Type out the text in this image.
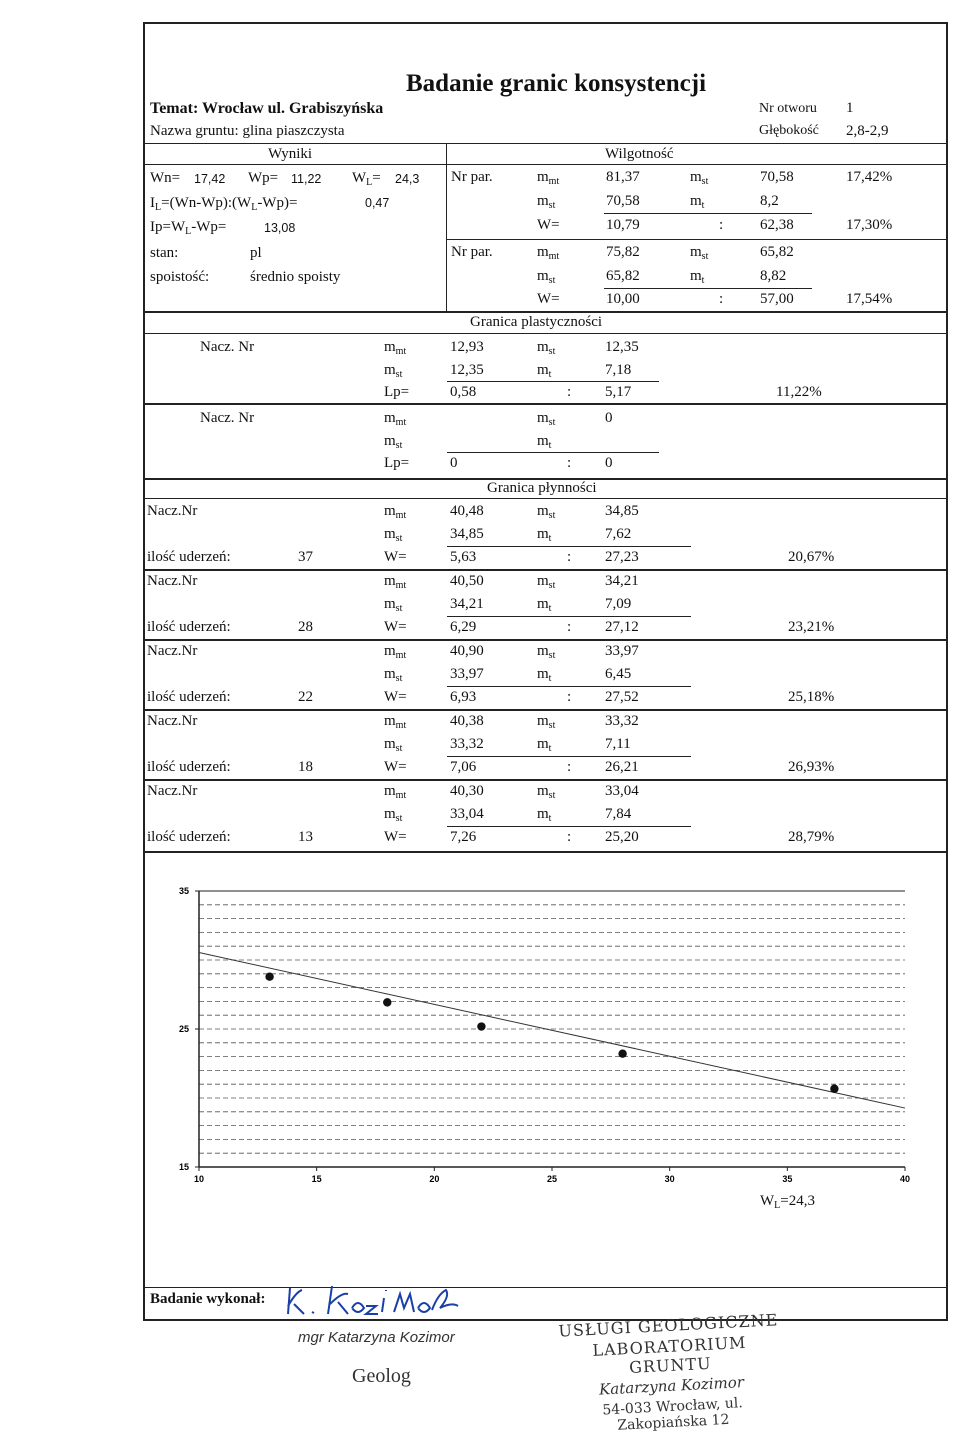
Badanie granic konsystencji
Temat: Wrocław ul. Grabiszyńska
Nazwa gruntu: glina piaszczysta
Nr otworu 1
Głębokość 2,8-2,9
Wyniki
Wn= 17,42 Wp= 11,22 $W_L= 24,3$
$I_L=(Wn-Wp):(W_L-Wp)=$	0,47
$Ip=W_L-Wp=$	13,08
stan:	pl
spoistość:	średnio spoisty
Wilgotność
Nr par.	$m_{mt}$	81,37	$m_{st}$	70,58	17,42%
$m_{st}$	70,58	$m_t$	8,2
W=	10,79	: 62,38	17,30%
Nr par.	$m_{mt}$	75,82	$m_{st}$	65,82
$m_{st}$	65,82	$m_t$	8,82
W=	10,00	: 57,00	17,54%
Granica plastyczności
Nacz. Nr	$m_{mt}$	12,93	$m_{st}$	12,35
$m_{st}$	12,35	$m_t$	7,18
Lp=	0,58	: 5,17	11,22%
Nacz. Nr	$m_{mt}$	$m_{st}$	0
$m_{st}$	$m_t$
Lp=	0	: 0
Granica płynności
Nacz.Nr	$m_{mt}$	40,48	$m_{st}$	34,85
$m_{st}$	34,85	$m_t$	7,62
ilość uderzeń:	37	W=	5,63	: 27,23	20,67%
Nacz.Nr	$m_{mt}$	40,50	$m_{st}$	34,21
$m_{st}$	34,21	$m_t$	7,09
ilość uderzeń:	28	W=	6,29	: 27,12	23,21%
Nacz.Nr	$m_{mt}$	40,90	$m_{st}$	33,97
$m_{st}$	33,97	$m_t$	6,45
ilość uderzeń:	22	W=	6,93	: 27,52	25,18%
Nacz.Nr	$m_{mt}$	40,38	$m_{st}$	33,32
$m_{st}$	33,32	$m_t$	7,11
ilość uderzeń:	18	W=	7,06	: 26,21	26,93%
Nacz.Nr	$m_{mt}$	40,30	$m_{st}$	33,04
$m_{st}$	33,04	$m_t$	7,84
ilość uderzeń:	13	W=	7,26	: 25,20	28,79%
15
25
35
10	15	20	25	30	35	40
$W_L=24,3$
Badanie wykonał:
mgr Katarzyna Kozimor
Geolog
USŁUGI GEOLOGICZNE
LABORATORIUM GRUNTU
Katarzyna Kozimor
54-033 Wrocław, ul. Zakopiańska 12
